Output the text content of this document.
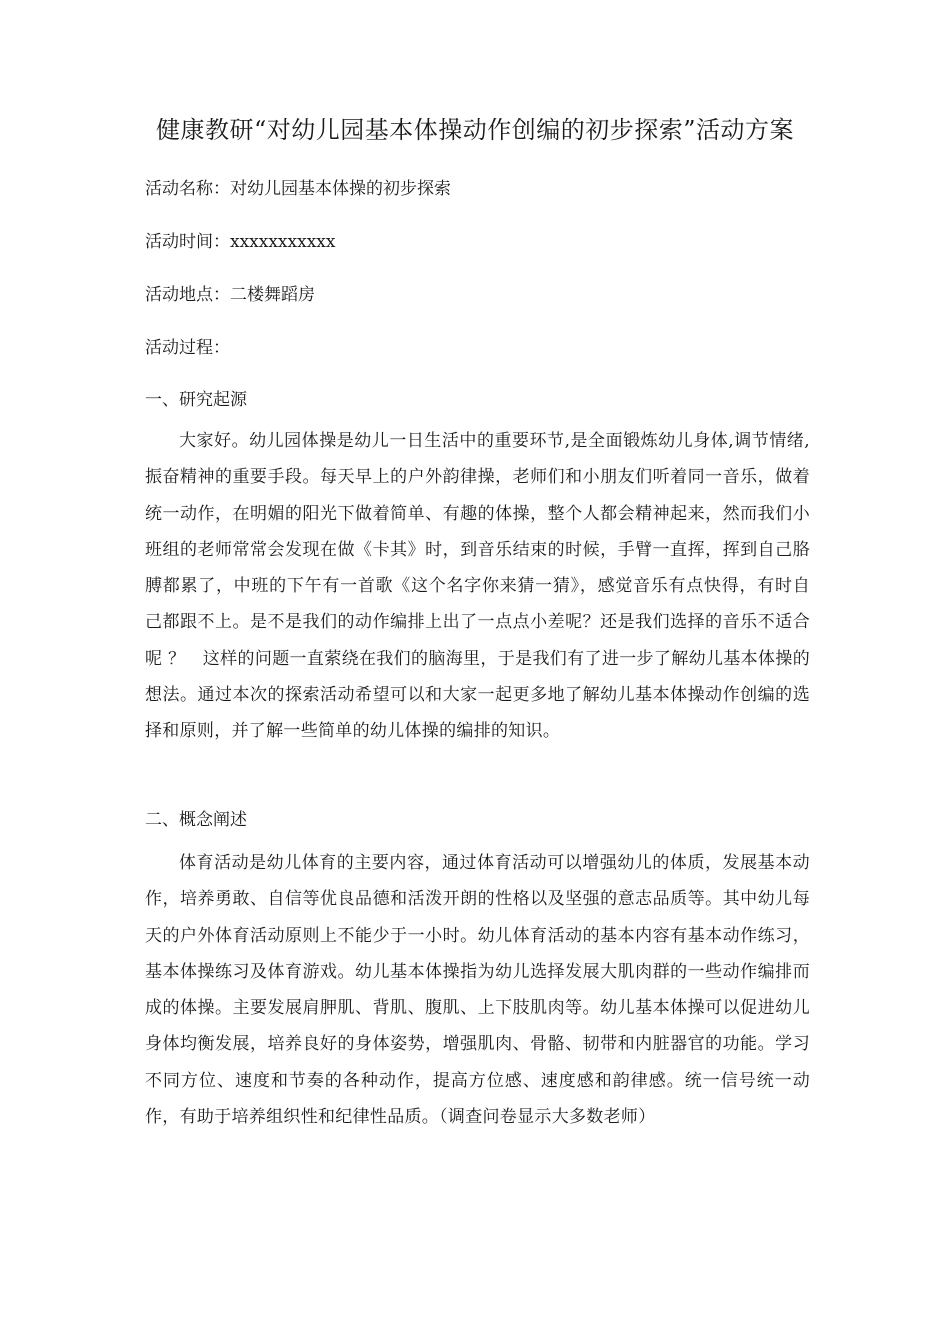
健康教研“对幼儿园基本体操动作创编的初步探索”活动方案
活动名称：对幼儿园基本体操的初步探索
活动时间：xxxxxxxxxxx
活动地点：二楼舞蹈房
活动过程：
一、研究起源
大家好。幼儿园体操是幼儿一日生活中的重要环节,是全面锻炼幼儿身体,调节情绪,振奋精神的重要手段。每天早上的户外韵律操，老师们和小朋友们听着同一音乐，做着统一动作，在明媚的阳光下做着简单、有趣的体操，整个人都会精神起来，然而我们小班组的老师常常会发现在做《卡其》时，到音乐结束的时候，手臂一直挥，挥到自己胳膊都累了，中班的下午有一首歌《这个名字你来猜一猜》，感觉音乐有点快得，有时自己都跟不上。是不是我们的动作编排上出了一点点小差呢？还是我们选择的音乐不适合呢 ？　这样的问题一直萦绕在我们的脑海里，于是我们有了进一步了解幼儿基本体操的想法。通过本次的探索活动希望可以和大家一起更多地了解幼儿基本体操动作创编的选择和原则，并了解一些简单的幼儿体操的编排的知识。
二、概念阐述
体育活动是幼儿体育的主要内容，通过体育活动可以增强幼儿的体质，发展基本动作，培养勇敢、自信等优良品德和活泼开朗的性格以及坚强的意志品质等。其中幼儿每天的户外体育活动原则上不能少于一小时。幼儿体育活动的基本内容有基本动作练习，基本体操练习及体育游戏。幼儿基本体操指为幼儿选择发展大肌肉群的一些动作编排而成的体操。主要发展肩胛肌、背肌、腹肌、上下肢肌肉等。幼儿基本体操可以促进幼儿身体均衡发展，培养良好的身体姿势，增强肌肉、骨骼、韧带和内脏器官的功能。学习不同方位、速度和节奏的各种动作，提高方位感、速度感和韵律感。统一信号统一动作，有助于培养组织性和纪律性品质。（调查问卷显示大多数老师）
